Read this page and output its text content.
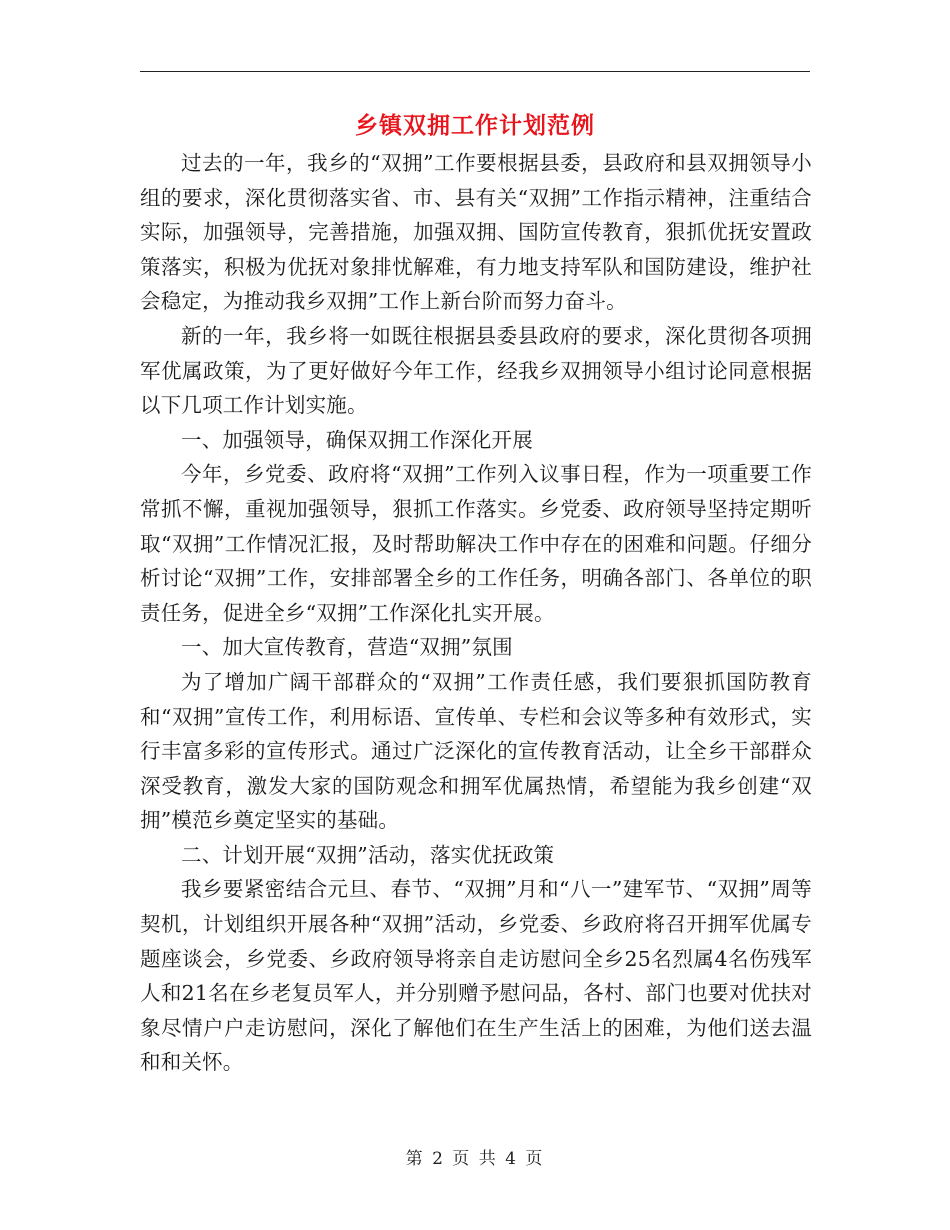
乡镇双拥工作计划范例

过去的一年，我乡的“双拥”工作要根据县委，县政府和县双拥领导小组的要求，深化贯彻落实省、市、县有关“双拥”工作指示精神，注重结合实际，加强领导，完善措施，加强双拥、国防宣传教育，狠抓优抚安置政策落实，积极为优抚对象排忧解难，有力地支持军队和国防建设，维护社会稳定，为推动我乡双拥”工作上新台阶而努力奋斗。

新的一年，我乡将一如既往根据县委县政府的要求，深化贯彻各项拥军优属政策，为了更好做好今年工作，经我乡双拥领导小组讨论同意根据以下几项工作计划实施。

一、加强领导，确保双拥工作深化开展

今年，乡党委、政府将“双拥”工作列入议事日程，作为一项重要工作常抓不懈，重视加强领导，狠抓工作落实。乡党委、政府领导坚持定期听取“双拥”工作情况汇报，及时帮助解决工作中存在的困难和问题。仔细分析讨论“双拥”工作，安排部署全乡的工作任务，明确各部门、各单位的职责任务，促进全乡“双拥”工作深化扎实开展。

一、加大宣传教育，营造“双拥”氛围

为了增加广阔干部群众的“双拥”工作责任感，我们要狠抓国防教育和“双拥”宣传工作，利用标语、宣传单、专栏和会议等多种有效形式，实行丰富多彩的宣传形式。通过广泛深化的宣传教育活动，让全乡干部群众深受教育，激发大家的国防观念和拥军优属热情，希望能为我乡创建“双拥”模范乡奠定坚实的基础。

二、计划开展“双拥”活动，落实优抚政策

我乡要紧密结合元旦、春节、“双拥”月和“八一”建军节、“双拥”周等契机，计划组织开展各种“双拥”活动，乡党委、乡政府将召开拥军优属专题座谈会，乡党委、乡政府领导将亲自走访慰问全乡25名烈属4名伤残军人和21名在乡老复员军人，并分别赠予慰问品，各村、部门也要对优扶对象尽情户户走访慰问，深化了解他们在生产生活上的困难，为他们送去温和和关怀。

第 2 页 共 4 页
